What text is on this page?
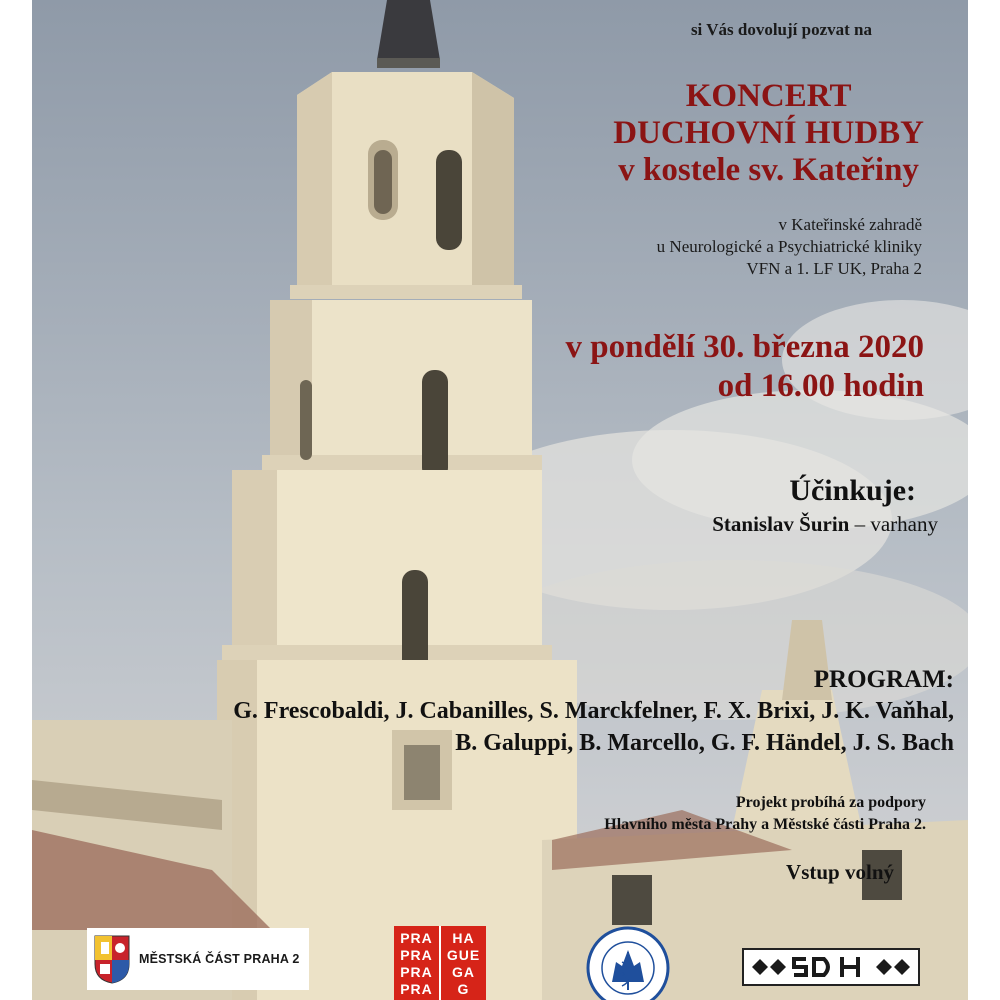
si Vás dovolují pozvat na

KONCERT
DUCHOVNÍ HUDBY
v kostele sv. Kateřiny
v Kateřinské zahradě
u Neurologické a Psychiatrické kliniky
VFN a 1. LF UK, Praha 2
v pondělí 30. března 2020
od 16.00 hodin

Účinkuje:

Stanislav Šurin – varhany

PROGRAM:

G. Frescobaldi, J. Cabanilles, S. Marckfelner, F. X. Brixi, J. K. Vaňhal,

B. Galuppi, B. Marcello, G. F. Händel, J. S. Bach

Projekt probíhá za podpory
Hlavního města Prahy a Městské části Praha 2.

Vstup volný

MĚSTSKÁ ČÁST PRAHA 2
PRA
PRA
PRA
PRA
HA
GUE
GA
G
